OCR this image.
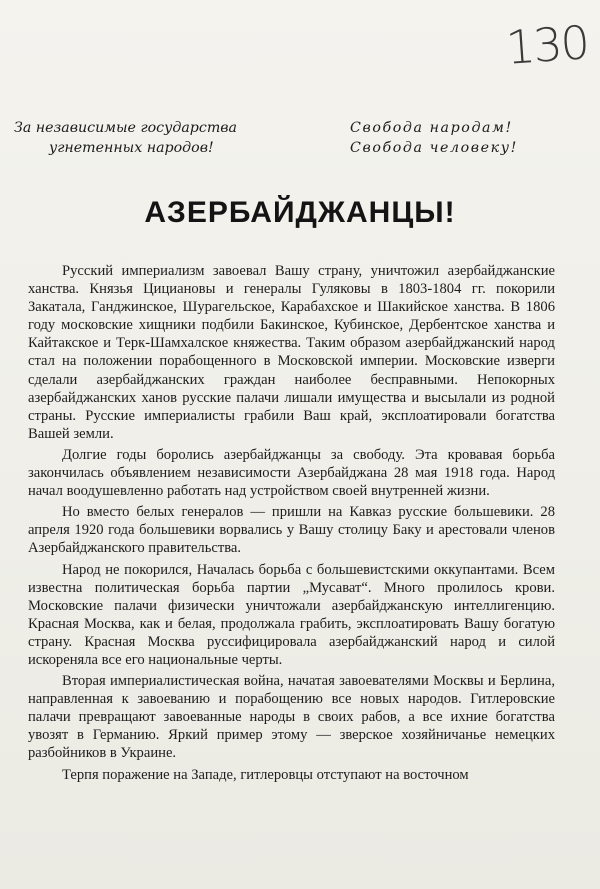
130
За независимые государства
угнетенных народов!
Свобода народам!
Свобода человеку!
АЗЕРБАЙДЖАНЦЫ!

Русский империализм завоевал Вашу страну, уничтожил азербайджанские ханства. Князья Цициановы и генералы Гуляковы в 1803-1804 гг. покорили Закатала, Ганджинское, Шурагельское, Карабахское и Шакийское ханства. В 1806 году московские хищники подбили Бакинское, Кубинское, Дербентское ханства и Кайтакское и Терк-Шамхалское княжества. Таким образом азербайджанский народ стал на положении порабощенного в Московской империи. Московские изверги сделали азербайджанских граждан наиболее бесправными. Непокорных азербайджанских ханов русские палачи лишали имущества и высылали из родной страны. Русские империалисты грабили Ваш край, эксплоатировали богатства Вашей земли.

Долгие годы боролись азербайджанцы за свободу. Эта кровавая борьба закончилась объявлением независимости Азербайджана 28 мая 1918 года. Народ начал воодушевленно работать над устройством своей внутренней жизни.

Но вместо белых генералов — пришли на Кавказ русские большевики. 28 апреля 1920 года большевики ворвались у Вашу столицу Баку и арестовали членов Азербайджанского правительства.

Народ не покорился, Началась борьба с большевистскими оккупантами. Всем известна политическая борьба партии „Мусават“. Много пролилось крови. Московские палачи физически уничтожали азербайджанскую интеллигенцию. Красная Москва, как и белая, продолжала грабить, эксплоатировать Вашу богатую страну. Красная Москва руссифицировала азербайджанский народ и силой искореняла все его национальные черты.

Вторая империалистическая война, начатая завоевателями Москвы и Берлина, направленная к завоеванию и порабощению все новых народов. Гитлеровские палачи превращают завоеванные народы в своих рабов, а все ихние богатства увозят в Германию. Яркий пример этому — зверское хозяйничанье немецких разбойников в Украине.

Терпя поражение на Западе, гитлеровцы отступают на восточном
